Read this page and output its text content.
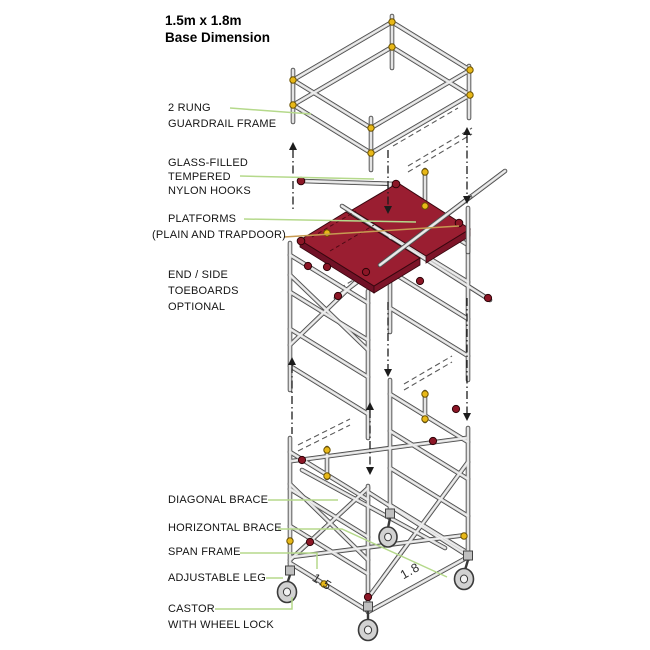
1.5m x 1.8m
Base Dimension
2 RUNG
GUARDRAIL FRAME
GLASS-FILLED
TEMPERED
NYLON HOOKS
PLATFORMS
(PLAIN AND TRAPDOOR)
END / SIDE
TOEBOARDS
OPTIONAL
DIAGONAL BRACE
HORIZONTAL BRACE
SPAN FRAME
ADJUSTABLE LEG
CASTOR
WITH WHEEL LOCK
1.5	1.8
